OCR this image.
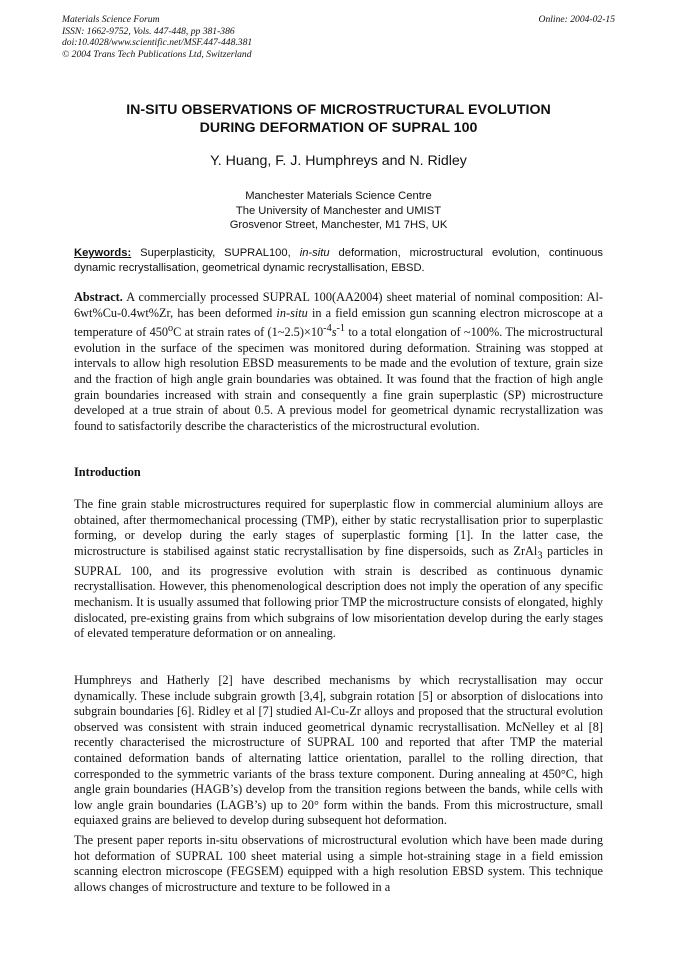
Materials Science Forum
ISSN: 1662-9752, Vols. 447-448, pp 381-386
doi:10.4028/www.scientific.net/MSF.447-448.381
© 2004 Trans Tech Publications Ltd, Switzerland
Online: 2004-02-15
IN-SITU OBSERVATIONS OF MICROSTRUCTURAL EVOLUTION
DURING DEFORMATION OF SUPRAL 100
Y. Huang, F. J. Humphreys and N. Ridley
Manchester Materials Science Centre
The University of Manchester and UMIST
Grosvenor Street, Manchester, M1 7HS, UK
Keywords: Superplasticity, SUPRAL100, in-situ deformation, microstructural evolution, continuous dynamic recrystallisation, geometrical dynamic recrystallisation, EBSD.
Abstract. A commercially processed SUPRAL 100(AA2004) sheet material of nominal composition: Al-6wt%Cu-0.4wt%Zr, has been deformed in-situ in a field emission gun scanning electron microscope at a temperature of 450$^o$C at strain rates of $(1\sim 2.5)\times 10^{-4}s^{-1}$ to a total elongation of ~100%. The microstructural evolution in the surface of the specimen was monitored during deformation. Straining was stopped at intervals to allow high resolution EBSD measurements to be made and the evolution of texture, grain size and the fraction of high angle grain boundaries was obtained. It was found that the fraction of high angle grain boundaries increased with strain and consequently a fine grain superplastic (SP) microstructure developed at a true strain of about 0.5. A previous model for geometrical dynamic recrystallization was found to satisfactorily describe the characteristics of the microstructural evolution.
Introduction
The fine grain stable microstructures required for superplastic flow in commercial aluminium alloys are obtained, after thermomechanical processing (TMP), either by static recrystallisation prior to superplastic forming, or develop during the early stages of superplastic forming [1]. In the latter case, the microstructure is stabilised against static recrystallisation by fine dispersoids, such as ZrAl$_3$ particles in SUPRAL 100, and its progressive evolution with strain is described as continuous dynamic recrystallisation. However, this phenomenological description does not imply the operation of any specific mechanism. It is usually assumed that following prior TMP the microstructure consists of elongated, highly dislocated, pre-existing grains from which subgrains of low misorientation develop during the early stages of elevated temperature deformation or on annealing.
Humphreys and Hatherly [2] have described mechanisms by which recrystallisation may occur dynamically. These include subgrain growth [3,4], subgrain rotation [5] or absorption of dislocations into subgrain boundaries [6]. Ridley et al [7] studied Al-Cu-Zr alloys and proposed that the structural evolution observed was consistent with strain induced geometrical dynamic recrystallisation. McNelley et al [8] recently characterised the microstructure of SUPRAL 100 and reported that after TMP the material contained deformation bands of alternating lattice orientation, parallel to the rolling direction, that corresponded to the symmetric variants of the brass texture component. During annealing at 450°C, high angle grain boundaries (HAGB’s) develop from the transition regions between the bands, while cells with low angle grain boundaries (LAGB’s) up to 20° form within the bands. From this microstructure, small equiaxed grains are believed to develop during subsequent hot deformation.
The present paper reports in-situ observations of microstructural evolution which have been made during hot deformation of SUPRAL 100 sheet material using a simple hot-straining stage in a field emission scanning electron microscope (FEGSEM) equipped with a high resolution EBSD system. This technique allows changes of microstructure and texture to be followed in a
